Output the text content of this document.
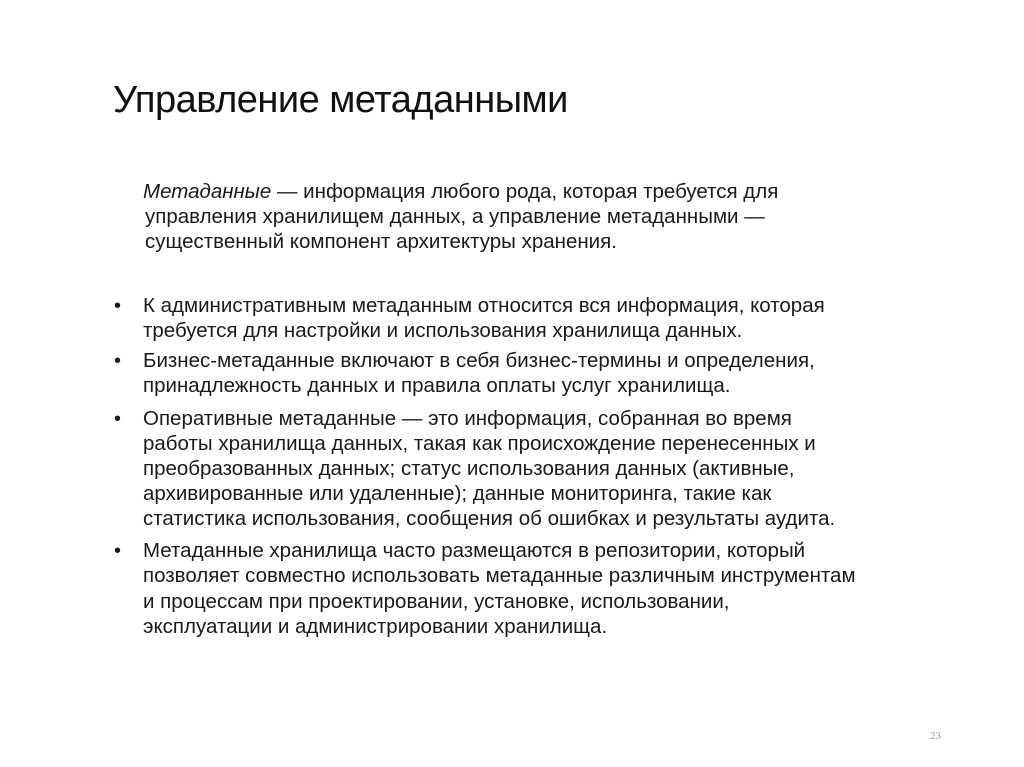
Управление метаданными
Метаданные — информация любого рода, которая требуется для
управления хранилищем данных, а управление метаданными —
существенный компонент архитектуры хранения.
• К административным метаданным относится вся информация, которая
требуется для настройки и использования хранилища данных.
• Бизнес-метаданные включают в себя бизнес-термины и определения,
принадлежность данных и правила оплаты услуг хранилища.
• Оперативные метаданные — это информация, собранная во время
работы хранилища данных, такая как происхождение перенесенных и
преобразованных данных; статус использования данных (активные,
архивированные или удаленные); данные мониторинга, такие как
статистика использования, сообщения об ошибках и результаты аудита.
• Метаданные хранилища часто размещаются в репозитории, который
позволяет совместно использовать метаданные различным инструментам
и процессам при проектировании, установке, использовании,
эксплуатации и администрировании хранилища.
23
